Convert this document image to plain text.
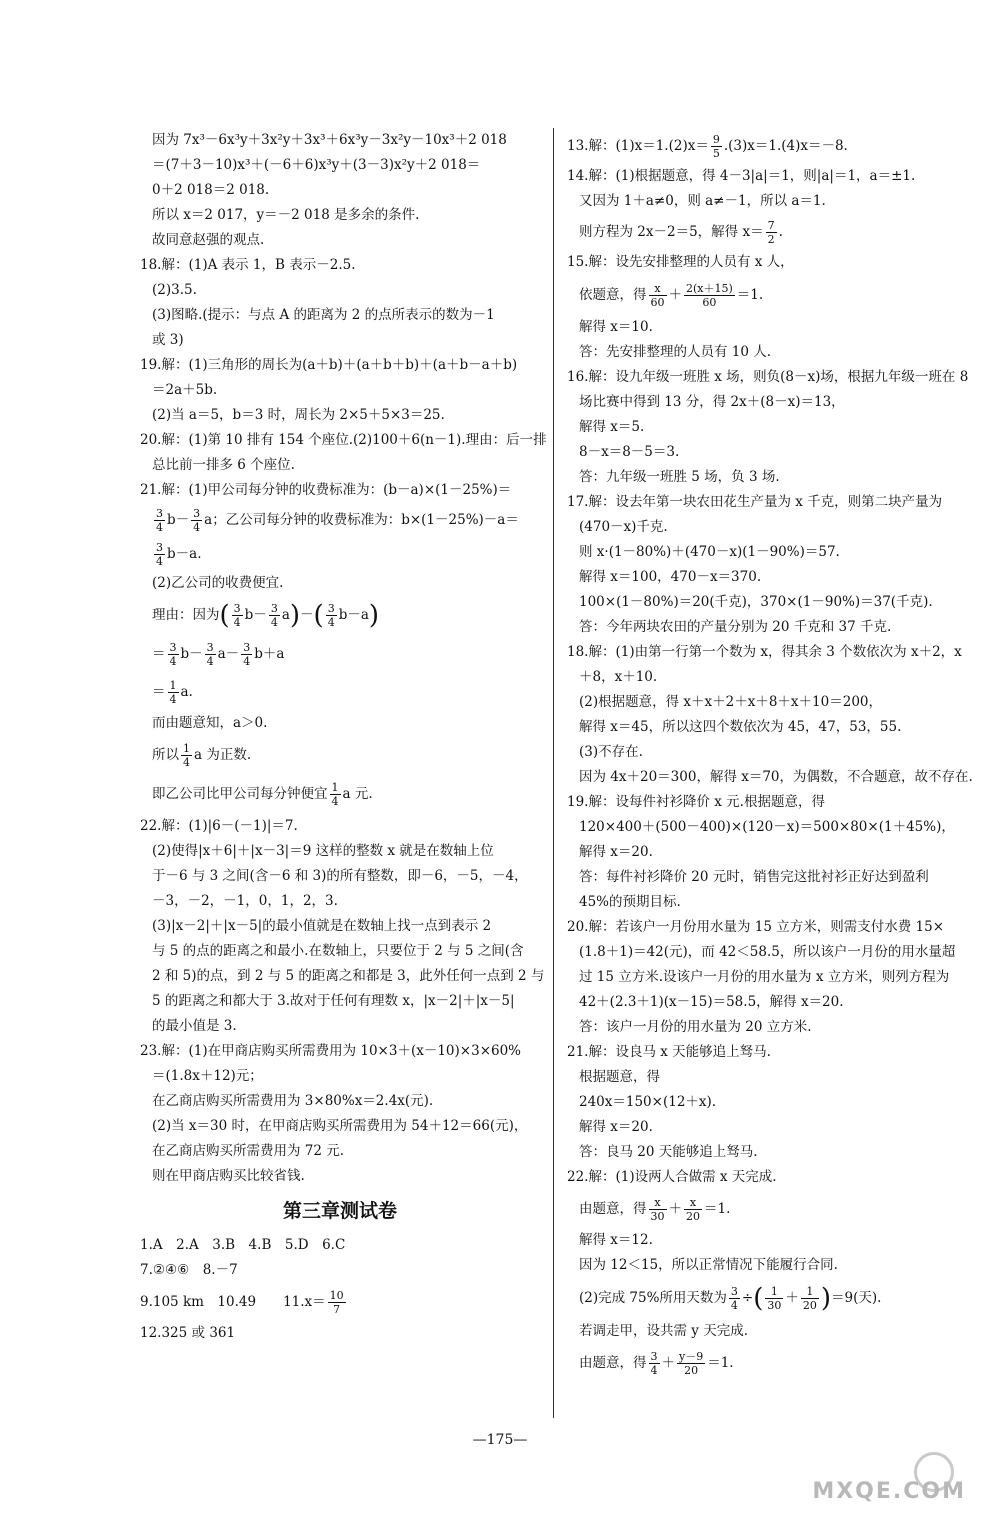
因为 7x³－6x³y＋3x²y＋3x³＋6x³y－3x²y－10x³＋2 018
＝(7＋3－10)x³＋(－6＋6)x³y＋(3－3)x²y＋2 018＝
0＋2 018＝2 018.
所以 x＝2 017，y＝－2 018 是多余的条件.
故同意赵强的观点.
18.解：(1)A 表示 1，B 表示－2.5.
(2)3.5.
(3)图略.(提示：与点 A 的距离为 2 的点所表示的数为－1
或 3)
19.解：(1)三角形的周长为(a＋b)＋(a＋b＋b)＋(a＋b－a＋b)
＝2a＋5b.
(2)当 a＝5，b＝3 时，周长为 2×5＋5×3＝25.
20.解：(1)第 10 排有 154 个座位.(2)100＋6(n－1).理由：后一排
总比前一排多 6 个座位.
21.解：(1)甲公司每分钟的收费标准为：(b－a)×(1－25%)＝
$\frac{3}{4} b- \frac{3}{4}$ a；乙公司每分钟的收费标准为：b×(1－25%)－a＝
$\frac{3}{4} b-a$.
(2)乙公司的收费便宜.
理由：因为( $\frac{3}{4} b- \frac{3}{4} a)-( \frac{3}{4} b-a)$
＝ $\frac{3}{4} b- \frac{3}{4} a- \frac{3}{4} b+a$
＝ $\frac{1}{4} a$.
而由题意知，a＞0.
所以 $\frac{1}{4}$ a 为正数.
即乙公司比甲公司每分钟便宜 $\frac{1}{4}$ a 元.
22.解：(1)|6－(－1)|＝7.
(2)使得|x＋6|＋|x－3|＝9 这样的整数 x 就是在数轴上位
于－6 与 3 之间(含－6 和 3)的所有整数，即－6，－5，－4，
－3，－2，－1，0，1，2，3.
(3)|x－2|＋|x－5|的最小值就是在数轴上找一点到表示 2
与 5 的点的距离之和最小.在数轴上，只要位于 2 与 5 之间(含
2 和 5)的点，到 2 与 5 的距离之和都是 3，此外任何一点到 2 与
5 的距离之和都大于 3.故对于任何有理数 x，|x－2|＋|x－5|
的最小值是 3.
23.解：(1)在甲商店购买所需费用为 10×3＋(x－10)×3×60%
＝(1.8x＋12)元；
在乙商店购买所需费用为 3×80%x＝2.4x(元).
(2)当 x＝30 时，在甲商店购买所需费用为 54＋12＝66(元)，
在乙商店购买所需费用为 72 元.
则在甲商店购买比较省钱.
第三章测试卷
1.A　2.A　3.B　4.B　5.D　6.C
7.②④⑥　8.－7
9.105 km　10.49　　$11.x= \frac{10}{7}$
12.325 或 361
13.解：$(1)x=1.(2)x= \frac{9}{5} .(3)x=1.(4)x=-8$.
14.解：(1)根据题意，得 4－3|a|＝1，则|a|＝1，a＝±1.
又因为 1＋a≠0，则 a≠－1，所以 a＝1.
则方程为 2x－2＝5，解得 $x= \frac{7}{2}$ .
15.解：设先安排整理的人员有 x 人，
依题意，得 $\frac{x}{60} + \frac{2(x+15)}{60} =1$.
解得 x＝10.
答：先安排整理的人员有 10 人.
16.解：设九年级一班胜 x 场，则负(8－x)场，根据九年级一班在 8
场比赛中得到 13 分，得 2x＋(8－x)＝13，
解得 x＝5.
8－x＝8－5＝3.
答：九年级一班胜 5 场，负 3 场.
17.解：设去年第一块农田花生产量为 x 千克，则第二块产量为
(470－x)千克.
则 x·(1－80%)＋(470－x)(1－90%)＝57.
解得 x＝100，470－x＝370.
100×(1－80%)＝20(千克)，370×(1－90%)＝37(千克).
答：今年两块农田的产量分别为 20 千克和 37 千克.
18.解：(1)由第一行第一个数为 x，得其余 3 个数依次为 x＋2，x
＋8，x＋10.
(2)根据题意，得 x＋x＋2＋x＋8＋x＋10＝200，
解得 x＝45，所以这四个数依次为 45，47，53，55.
(3)不存在.
因为 4x＋20＝300，解得 x＝70，为偶数，不合题意，故不存在.
19.解：设每件衬衫降价 x 元.根据题意，得
120×400＋(500－400)×(120－x)＝500×80×(1＋45%)，
解得 x＝20.
答：每件衬衫降价 20 元时，销售完这批衬衫正好达到盈利
45%的预期目标.
20.解：若该户一月份用水量为 15 立方米，则需支付水费 15×
(1.8＋1)＝42(元)，而 42＜58.5，所以该户一月份的用水量超
过 15 立方米.设该户一月份的用水量为 x 立方米，则列方程为
42＋(2.3＋1)(x－15)＝58.5，解得 x＝20.
答：该户一月份的用水量为 20 立方米.
21.解：设良马 x 天能够追上驽马.
根据题意，得
240x＝150×(12＋x).
解得 x＝20.
答：良马 20 天能够追上驽马.
22.解：(1)设两人合做需 x 天完成.
由题意，得 $\frac{x}{30} + \frac{x}{20} =1$.
解得 x＝12.
因为 12＜15，所以正常情况下能履行合同.
(2)完成 75%所用天数为 $\frac{3}{4}$ ÷( $\frac{1}{30} + \frac{1}{20} )=9$(天).
若调走甲，设共需 y 天完成.
由题意，得 $\frac{3}{4} + \frac{y-9}{20} =1$.
—175—
MXQE.COM
